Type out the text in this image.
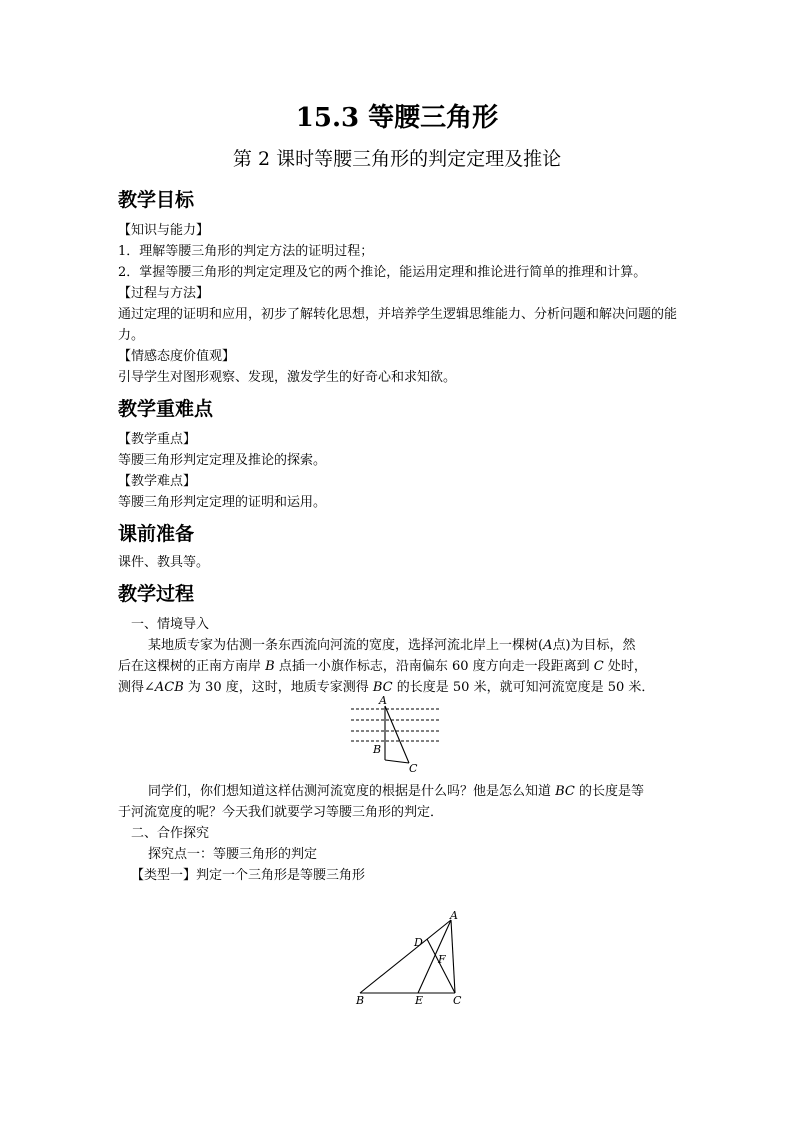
15.3 等腰三角形
第 2 课时等腰三角形的判定定理及推论
教学目标
【知识与能力】
1．理解等腰三角形的判定方法的证明过程；
2．掌握等腰三角形的判定定理及它的两个推论，能运用定理和推论进行简单的推理和计算。
【过程与方法】
通过定理的证明和应用，初步了解转化思想，并培养学生逻辑思维能力、分析问题和解决问题的能力。
【情感态度价值观】
引导学生对图形观察、发现，激发学生的好奇心和求知欲。
教学重难点
【教学重点】
等腰三角形判定定理及推论的探索。
【教学难点】
等腰三角形判定定理的证明和运用。
课前准备
课件、教具等。
教学过程
一、情境导入
某地质专家为估测一条东西流向河流的宽度，选择河流北岸上一棵树(A点)为目标，然
后在这棵树的正南方南岸 B 点插一小旗作标志，沿南偏东 60 度方向走一段距离到 C 处时，
测得∠ACB 为 30 度，这时，地质专家测得 BC 的长度是 50 米，就可知河流宽度是 50 米．
A
B
C
同学们，你们想知道这样估测河流宽度的根据是什么吗？他是怎么知道 BC 的长度是等
于河流宽度的呢？今天我们就要学习等腰三角形的判定．
二、合作探究
探究点一：等腰三角形的判定
【类型一】判定一个三角形是等腰三角形
A
B	C
D
E
F
